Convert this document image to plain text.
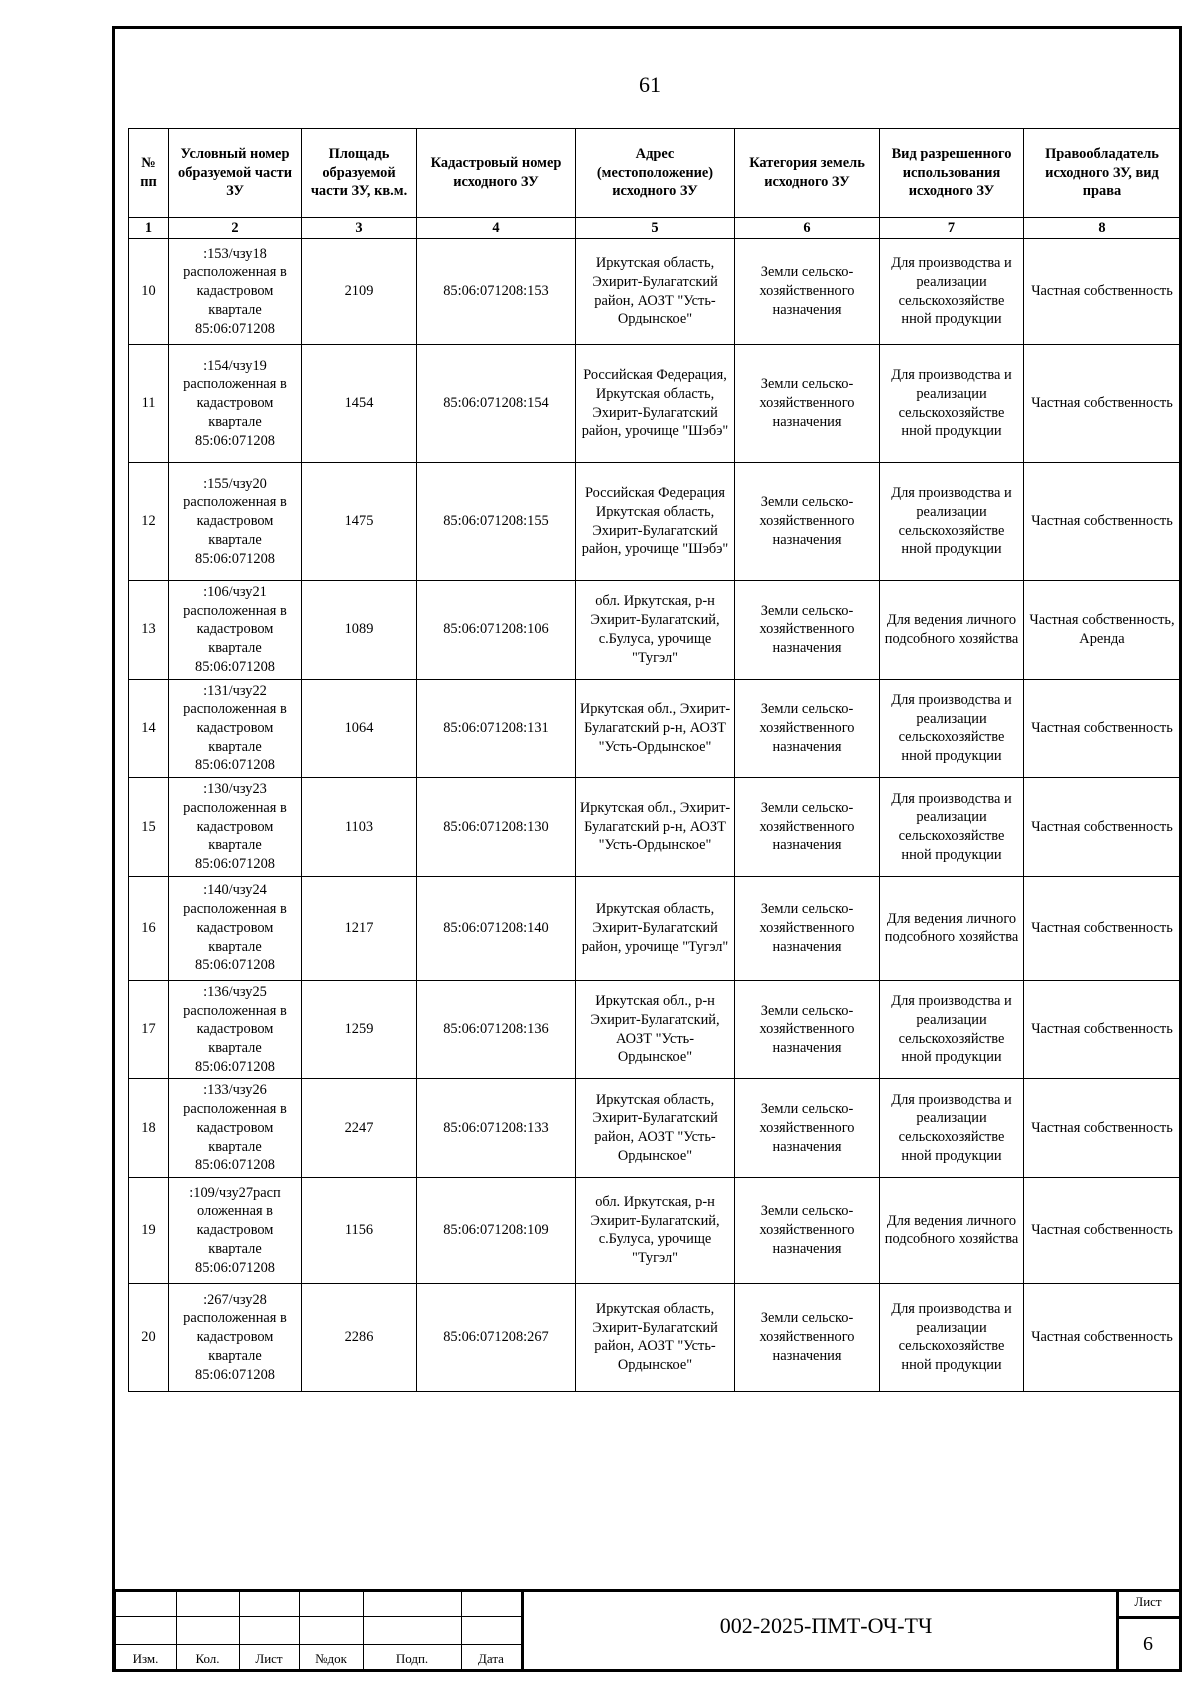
61
№ пп	Условный номер образуемой части ЗУ	Площадь образуемой части ЗУ, кв.м.	Кадастровый номер исходного ЗУ	Адрес (местоположение) исходного ЗУ	Категория земель исходного ЗУ	Вид разрешенного использования исходного ЗУ	Правообладатель исходного ЗУ, вид права
1	2	3	4	5	6	7	8
10	:153/чзу18 расположенная в кадастровом квартале 85:06:071208	2109	85:06:071208:153	Иркутская область, Эхирит-Булагатский район, АОЗТ "Усть-Ордынское"	Земли сельско-хозяйственного назначения	Для производства и реализации сельскохозяйстве нной продукции	Частная собственность
11	:154/чзу19 расположенная в кадастровом квартале 85:06:071208	1454	85:06:071208:154	Российская Федерация, Иркутская область, Эхирит-Булагатский район, урочище "Шэбэ"	Земли сельско-хозяйственного назначения	Для производства и реализации сельскохозяйстве нной продукции	Частная собственность
12	:155/чзу20 расположенная в кадастровом квартале 85:06:071208	1475	85:06:071208:155	Российская Федерация Иркутская область, Эхирит-Булагатский район, урочище "Шэбэ"	Земли сельско-хозяйственного назначения	Для производства и реализации сельскохозяйстве нной продукции	Частная собственность
13	:106/чзу21 расположенная в кадастровом квартале 85:06:071208	1089	85:06:071208:106	обл. Иркутская, р-н Эхирит-Булагатский, с.Булуса, урочище "Тугэл"	Земли сельско-хозяйственного назначения	Для ведения личного подсобного хозяйства	Частная собственность, Аренда
14	:131/чзу22 расположенная в кадастровом квартале 85:06:071208	1064	85:06:071208:131	Иркутская обл., Эхирит-Булагатский р-н, АОЗТ "Усть-Ордынское"	Земли сельско-хозяйственного назначения	Для производства и реализации сельскохозяйстве нной продукции	Частная собственность
15	:130/чзу23 расположенная в кадастровом квартале 85:06:071208	1103	85:06:071208:130	Иркутская обл., Эхирит-Булагатский р-н, АОЗТ "Усть-Ордынское"	Земли сельско-хозяйственного назначения	Для производства и реализации сельскохозяйстве нной продукции	Частная собственность
16	:140/чзу24 расположенная в кадастровом квартале 85:06:071208	1217	85:06:071208:140	Иркутская область, Эхирит-Булагатский район, урочище "Тугэл"	Земли сельско-хозяйственного назначения	Для ведения личного подсобного хозяйства	Частная собственность
17	:136/чзу25 расположенная в кадастровом квартале 85:06:071208	1259	85:06:071208:136	Иркутская обл., р-н Эхирит-Булагатский, АОЗТ "Усть-Ордынское"	Земли сельско-хозяйственного назначения	Для производства и реализации сельскохозяйстве нной продукции	Частная собственность
18	:133/чзу26 расположенная в кадастровом квартале 85:06:071208	2247	85:06:071208:133	Иркутская область, Эхирит-Булагатский район, АОЗТ "Усть-Ордынское"	Земли сельско-хозяйственного назначения	Для производства и реализации сельскохозяйстве нной продукции	Частная собственность
19	:109/чзу27расп оложенная в кадастровом квартале 85:06:071208	1156	85:06:071208:109	обл. Иркутская, р-н Эхирит-Булагатский, с.Булуса, урочище "Тугэл"	Земли сельско-хозяйственного назначения	Для ведения личного подсобного хозяйства	Частная собственность
20	:267/чзу28 расположенная в кадастровом квартале 85:06:071208	2286	85:06:071208:267	Иркутская область, Эхирит-Булагатский район, АОЗТ "Усть-Ордынское"	Земли сельско-хозяйственного назначения	Для производства и реализации сельскохозяйстве нной продукции	Частная собственность
Изм.	Кол.	Лист	№док	Подп.	Дата
002-2025-ПМТ-ОЧ-ТЧ
Лист
6
